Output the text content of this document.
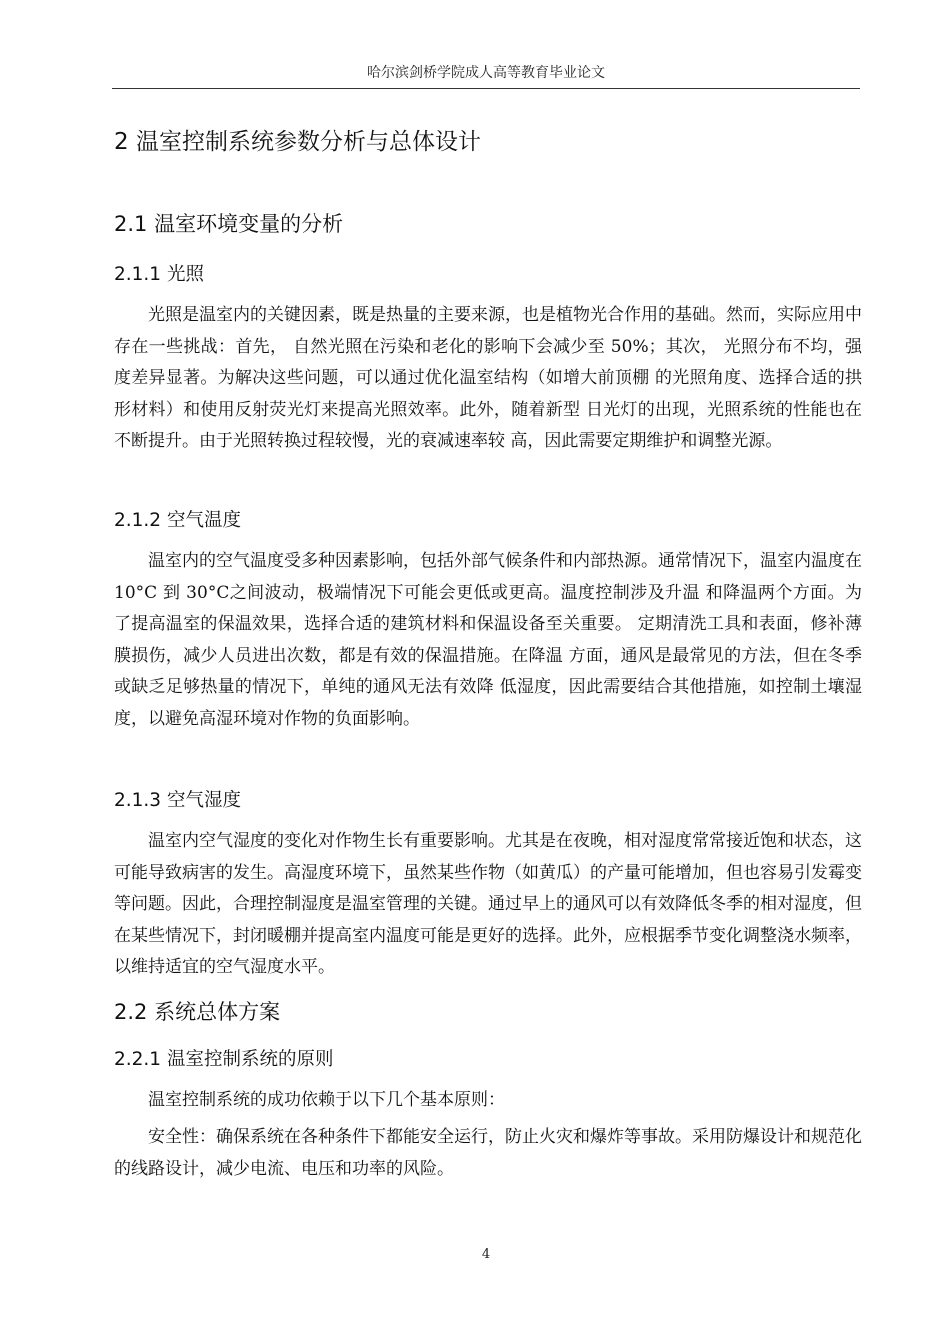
哈尔滨剑桥学院成人高等教育毕业论文
2 温室控制系统参数分析与总体设计
2.1 温室环境变量的分析
2.1.1 光照

光照是温室内的关键因素，既是热量的主要来源，也是植物光合作用的基础。然而，实际应用中存在一些挑战：首先， 自然光照在污染和老化的影响下会减少至 50%；其次， 光照分布不均，强度差异显著。为解决这些问题，可以通过优化温室结构（如增大前顶棚 的光照角度、选择合适的拱形材料）和使用反射荧光灯来提高光照效率。此外，随着新型 日光灯的出现，光照系统的性能也在不断提升。由于光照转换过程较慢，光的衰减速率较 高，因此需要定期维护和调整光源。

2.1.2 空气温度

温室内的空气温度受多种因素影响，包括外部气候条件和内部热源。通常情况下，温室内温度在 10°C 到 30°C之间波动，极端情况下可能会更低或更高。温度控制涉及升温 和降温两个方面。为了提高温室的保温效果，选择合适的建筑材料和保温设备至关重要。 定期清洗工具和表面，修补薄膜损伤，减少人员进出次数，都是有效的保温措施。在降温 方面，通风是最常见的方法，但在冬季或缺乏足够热量的情况下，单纯的通风无法有效降 低湿度，因此需要结合其他措施，如控制土壤湿度，以避免高湿环境对作物的负面影响。

2.1.3 空气湿度

温室内空气湿度的变化对作物生长有重要影响。尤其是在夜晚，相对湿度常常接近饱和状态，这可能导致病害的发生。高湿度环境下，虽然某些作物（如黄瓜）的产量可能增加，但也容易引发霉变等问题。因此，合理控制湿度是温室管理的关键。通过早上的通风可以有效降低冬季的相对湿度，但在某些情况下，封闭暖棚并提高室内温度可能是更好的选择。此外，应根据季节变化调整浇水频率，以维持适宜的空气湿度水平。

2.2 系统总体方案
2.2.1 温室控制系统的原则

温室控制系统的成功依赖于以下几个基本原则：

安全性：确保系统在各种条件下都能安全运行，防止火灾和爆炸等事故。采用防爆设计和规范化的线路设计，减少电流、电压和功率的风险。

4
